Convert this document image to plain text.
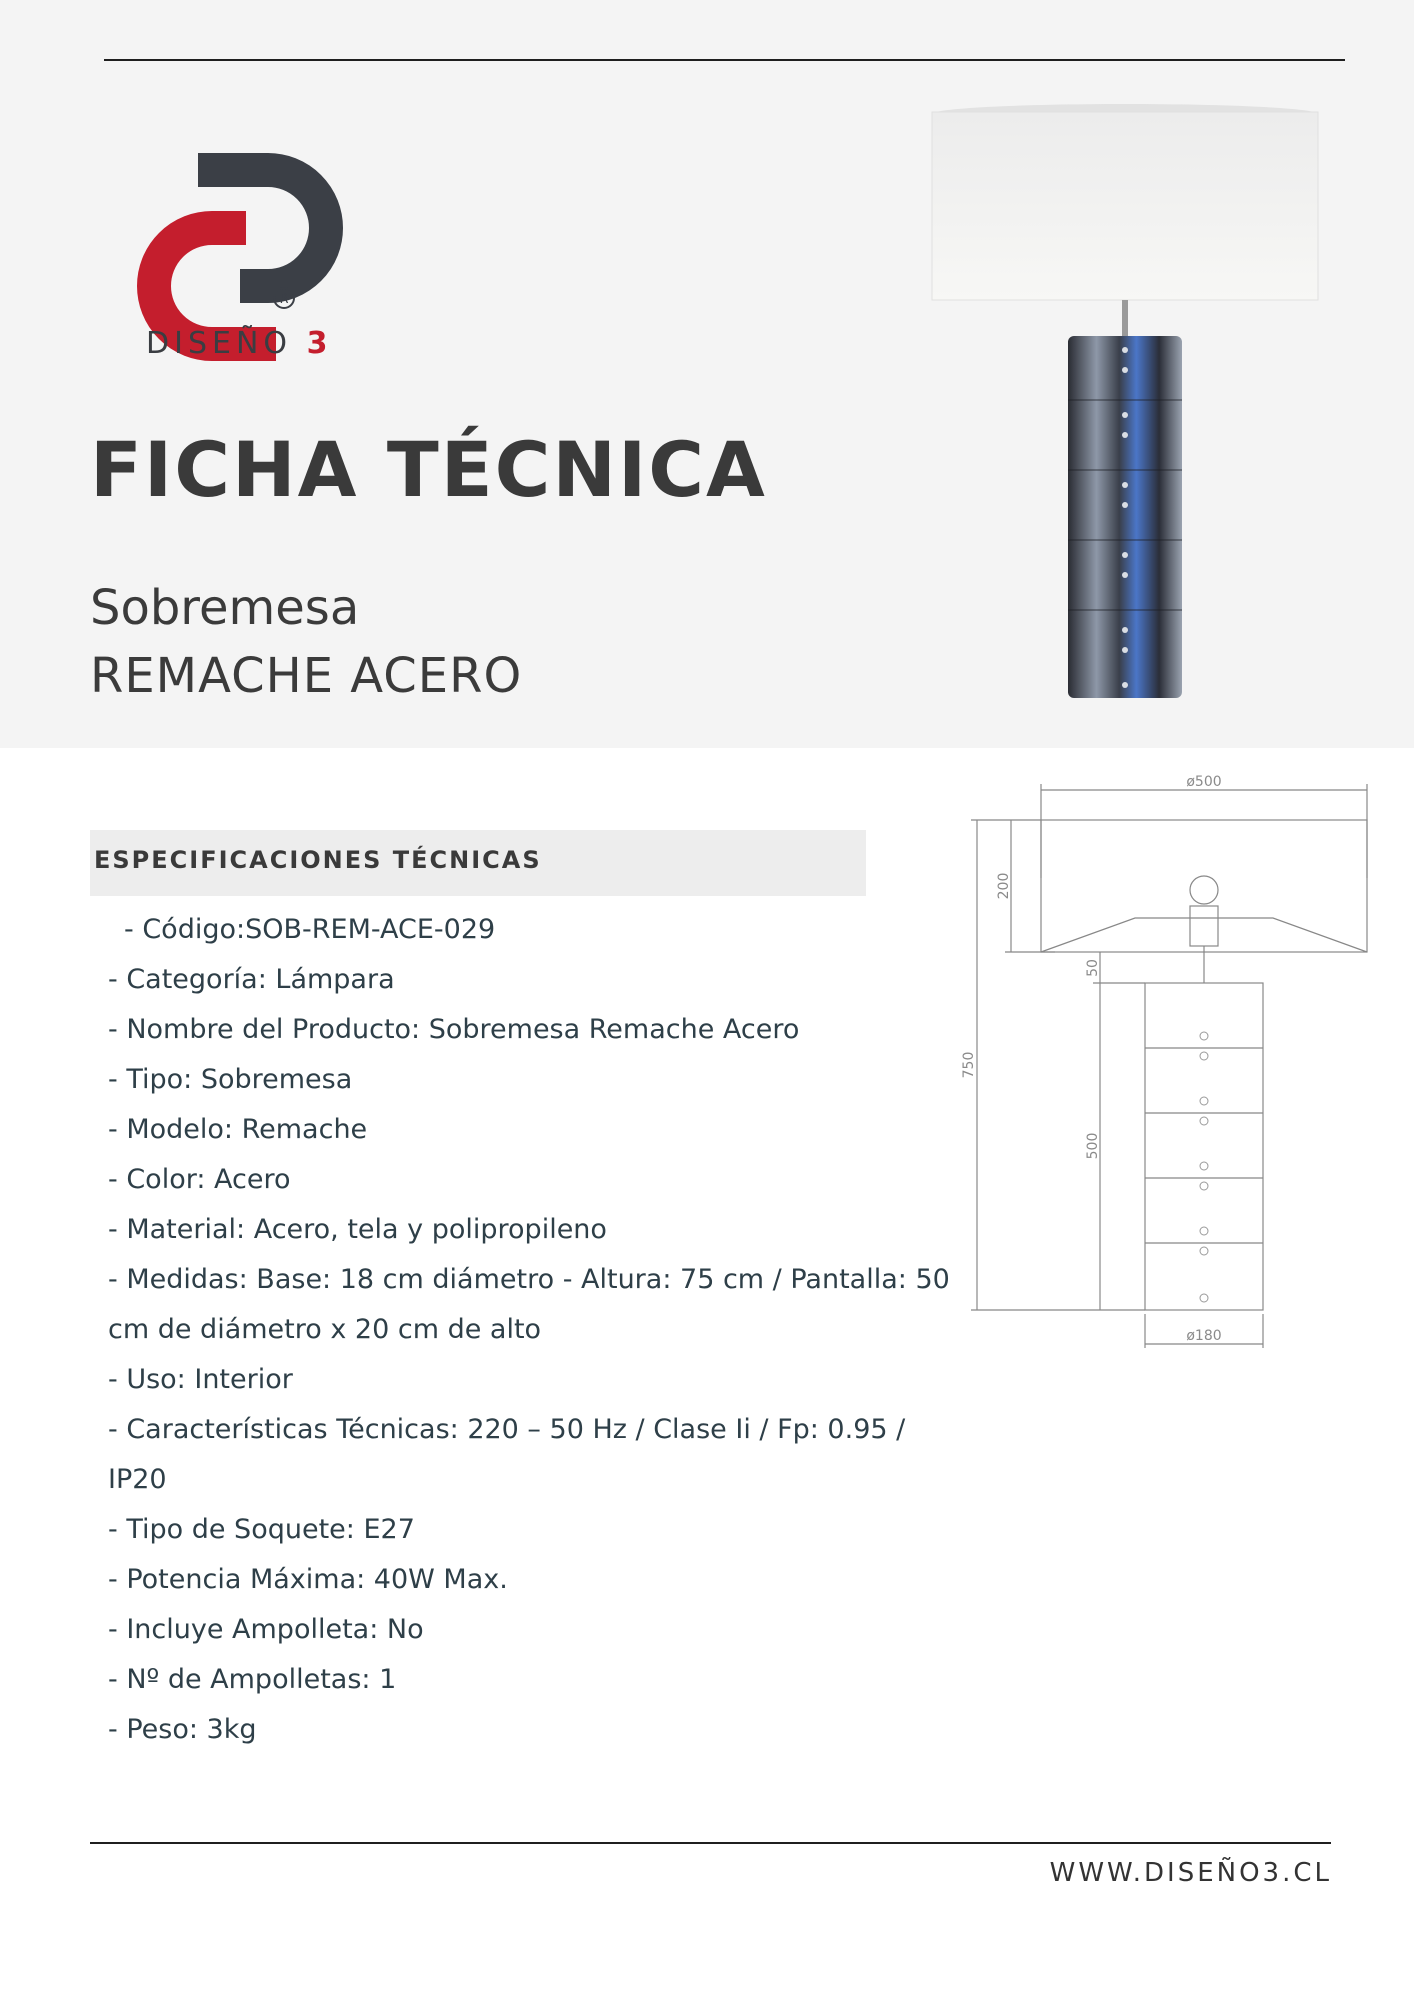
R
DISEÑO 3
FICHA TÉCNICA
Sobremesa
REMACHE ACERO
ø500
ø180
200
750
50
500
ESPECIFICACIONES TÉCNICAS
- Código:SOB-REM-ACE-029
- Categoría: Lámpara
- Nombre del Producto: Sobremesa Remache Acero
- Tipo: Sobremesa
- Modelo: Remache
- Color: Acero
- Material: Acero, tela y polipropileno
- Medidas: Base: 18 cm diámetro - Altura: 75 cm / Pantalla: 50 cm de diámetro x 20 cm de alto
- Uso: Interior
- Características Técnicas: 220 – 50 Hz / Clase Ii / Fp: 0.95 / IP20
- Tipo de Soquete: E27
- Potencia Máxima: 40W Max.
- Incluye Ampolleta: No
- Nº de Ampolletas: 1
- Peso: 3kg
WWW.DISEÑO3.CL
